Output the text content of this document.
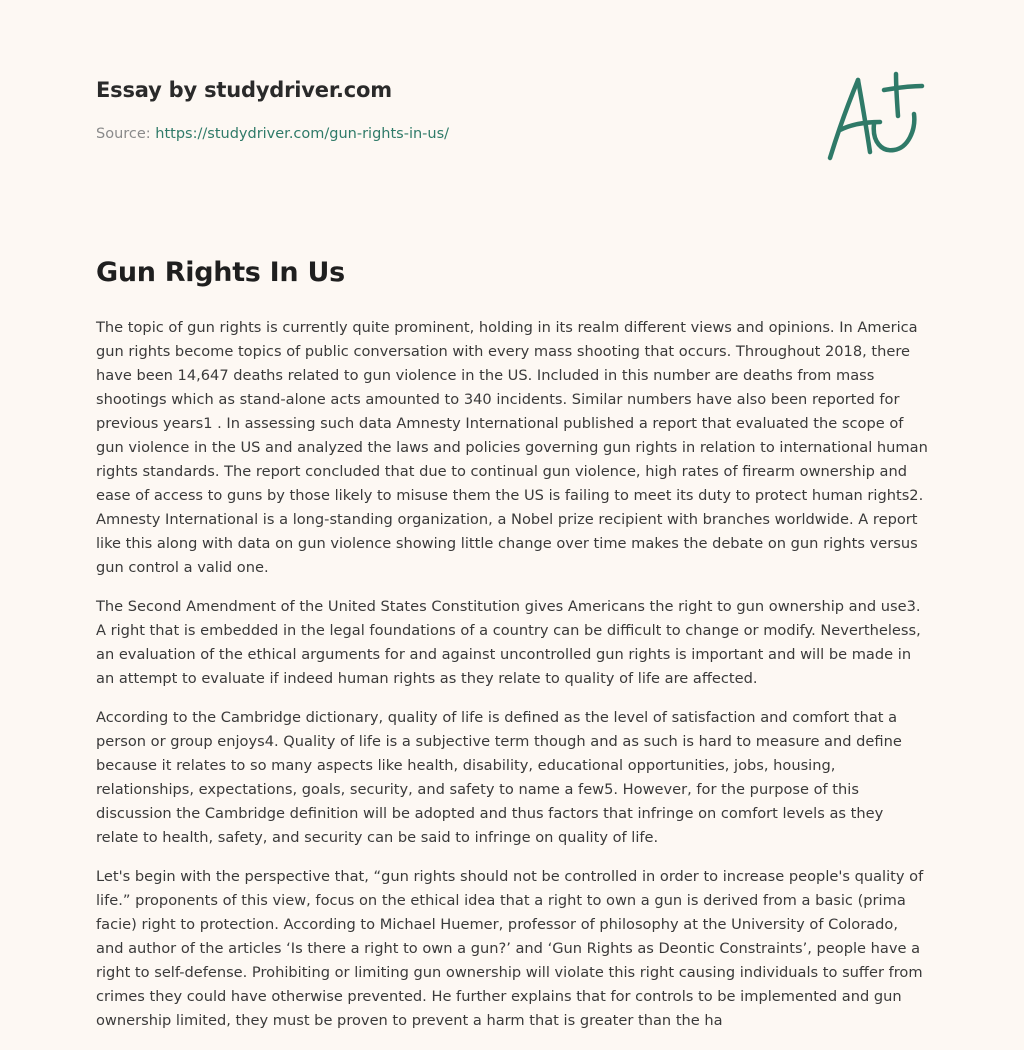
Essay by studydriver.com
Source: https://studydriver.com/gun-rights-in-us/
Gun Rights In Us

The topic of gun rights is currently quite prominent, holding in its realm different views and opinions. In America gun rights become topics of public conversation with every mass shooting that occurs. Throughout 2018, there have been 14,647 deaths related to gun violence in the US. Included in this number are deaths from mass shootings which as stand-alone acts amounted to 340 incidents. Similar numbers have also been reported for previous years1 . In assessing such data Amnesty International published a report that evaluated the scope of gun violence in the US and analyzed the laws and policies governing gun rights in relation to international human rights standards. The report concluded that due to continual gun violence, high rates of firearm ownership and ease of access to guns by those likely to misuse them the US is failing to meet its duty to protect human rights2. Amnesty International is a long-standing organization, a Nobel prize recipient with branches worldwide. A report like this along with data on gun violence showing little change over time makes the debate on gun rights versus gun control a valid one.

The Second Amendment of the United States Constitution gives Americans the right to gun ownership and use3. A right that is embedded in the legal foundations of a country can be difficult to change or modify. Nevertheless, an evaluation of the ethical arguments for and against uncontrolled gun rights is important and will be made in an attempt to evaluate if indeed human rights as they relate to quality of life are affected.

According to the Cambridge dictionary, quality of life is defined as the level of satisfaction and comfort that a person or group enjoys4. Quality of life is a subjective term though and as such is hard to measure and define because it relates to so many aspects like health, disability, educational opportunities, jobs, housing, relationships, expectations, goals, security, and safety to name a few5. However, for the purpose of this discussion the Cambridge definition will be adopted and thus factors that infringe on comfort levels as they relate to health, safety, and security can be said to infringe on quality of life.

Let's begin with the perspective that, “gun rights should not be controlled in order to increase people's quality of life.” proponents of this view, focus on the ethical idea that a right to own a gun is derived from a basic (prima facie) right to protection. According to Michael Huemer, professor of philosophy at the University of Colorado, and author of the articles ‘Is there a right to own a gun?’ and ‘Gun Rights as Deontic Constraints’, people have a right to self-defense. Prohibiting or limiting gun ownership will violate this right causing individuals to suffer from crimes they could have otherwise prevented. He further explains that for controls to be implemented and gun ownership limited, they must be proven to prevent a harm that is greater than the ha
